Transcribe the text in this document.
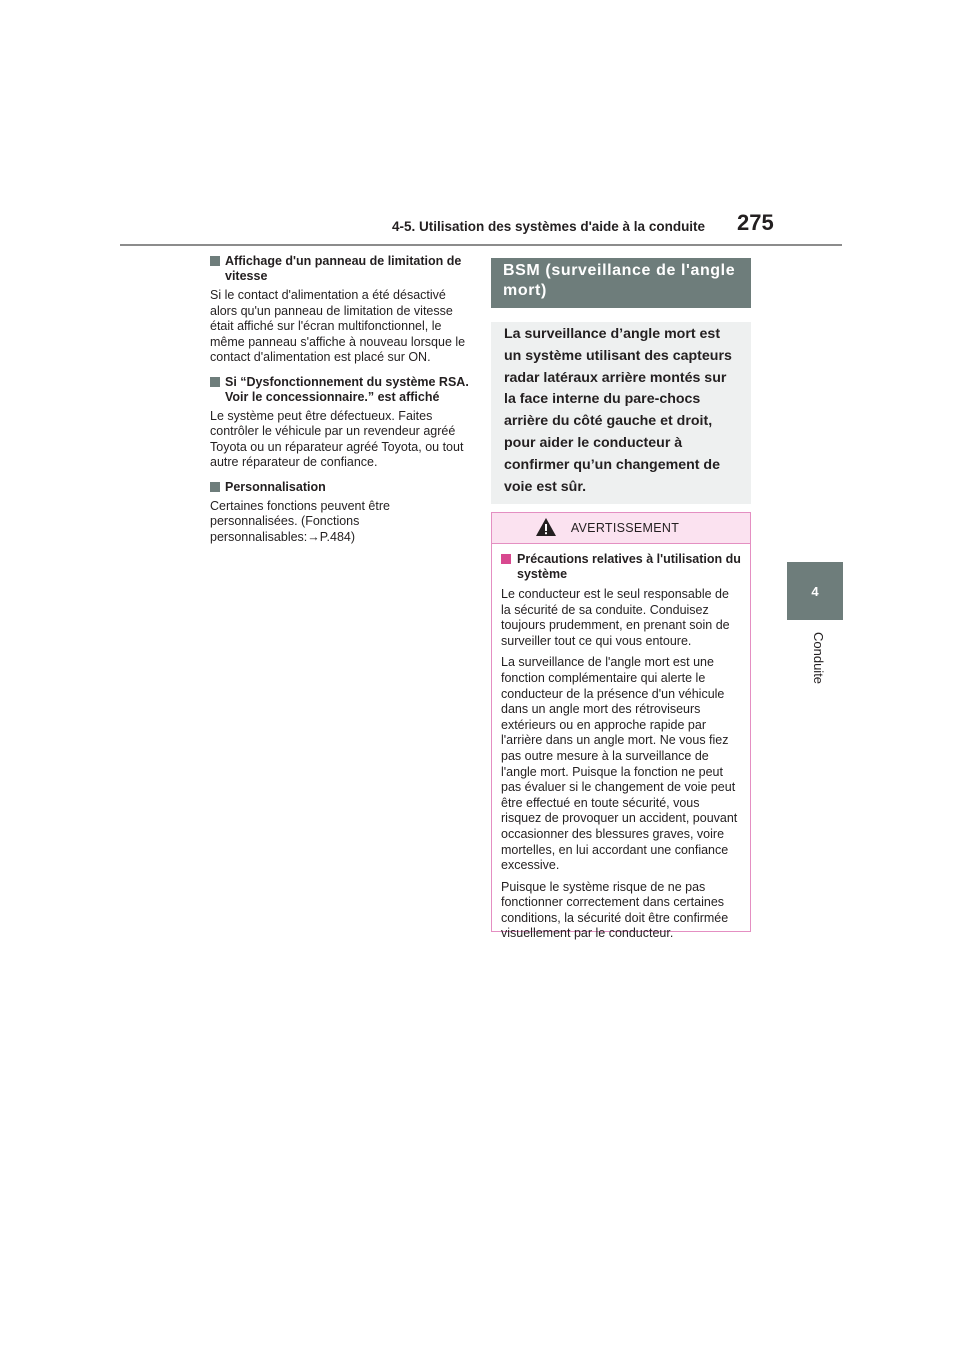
4-5. Utilisation des systèmes d'aide à la conduite 275
4
Conduite
Affichage d'un panneau de limitation de vitesse

Si le contact d'alimentation a été désactivé alors qu'un panneau de limitation de vitesse était affiché sur l'écran multifonctionnel, le même panneau s'affiche à nouveau lorsque le contact d'alimentation est placé sur ON.

Si “Dysfonctionnement du système RSA. Voir le concessionnaire.” est affiché

Le système peut être défectueux. Faites contrôler le véhicule par un revendeur agréé Toyota ou un réparateur agréé Toyota, ou tout autre réparateur de confiance.

Personnalisation

Certaines fonctions peuvent être personnalisées. (Fonctions personnalisables:→P.484)

BSM (surveillance de l'angle mort)
La surveillance d’angle mort est un système utilisant des capteurs radar latéraux arrière montés sur la face interne du pare-chocs arrière du côté gauche et droit, pour aider le conducteur à confirmer qu’un changement de voie est sûr.
AVERTISSEMENT
Précautions relatives à l'utilisation du système

Le conducteur est le seul responsable de la sécurité de sa conduite. Conduisez toujours prudemment, en prenant soin de surveiller tout ce qui vous entoure.

La surveillance de l'angle mort est une fonction complémentaire qui alerte le conducteur de la présence d'un véhicule dans un angle mort des rétroviseurs extérieurs ou en approche rapide par l'arrière dans un angle mort. Ne vous fiez pas outre mesure à la surveillance de l'angle mort. Puisque la fonction ne peut pas évaluer si le changement de voie peut être effectué en toute sécurité, vous risquez de provoquer un accident, pouvant occasionner des blessures graves, voire mortelles, en lui accordant une confiance excessive.

Puisque le système risque de ne pas fonctionner correctement dans certaines conditions, la sécurité doit être confirmée visuellement par le conducteur.
